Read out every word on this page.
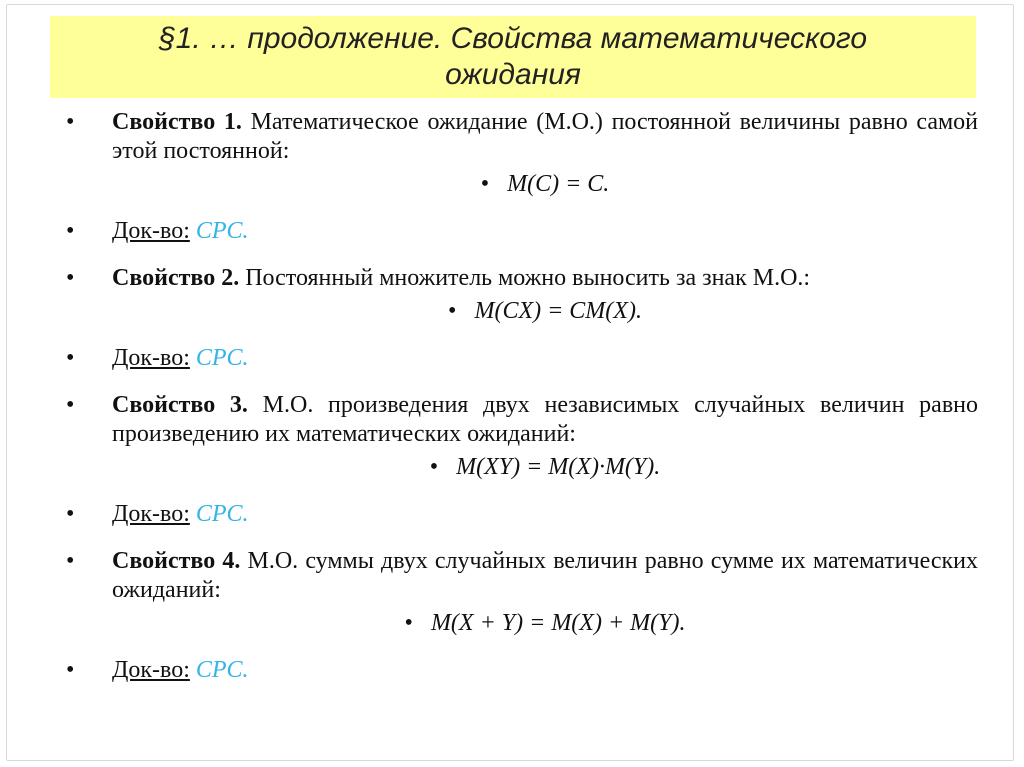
§1. … продолжение. Свойства математического ожидания
• Свойство 1. Математическое ожидание (М.О.) постоянной величины равно самой этой постоянной:
• M(C) = C.
• Док-во: СРС.
• Свойство 2. Постоянный множитель можно выносить за знак М.О.:
• M(CX) = CM(X).
• Док-во: СРС.
• Свойство 3. М.О. произведения двух независимых случайных величин равно произведению их математических ожиданий:
• M(XY) = M(X)·M(Y).
• Док-во: СРС.
• Свойство 4. М.О. суммы двух случайных величин равно сумме их математических ожиданий:
• M(X + Y) = M(X) + M(Y).
• Док-во: СРС.
